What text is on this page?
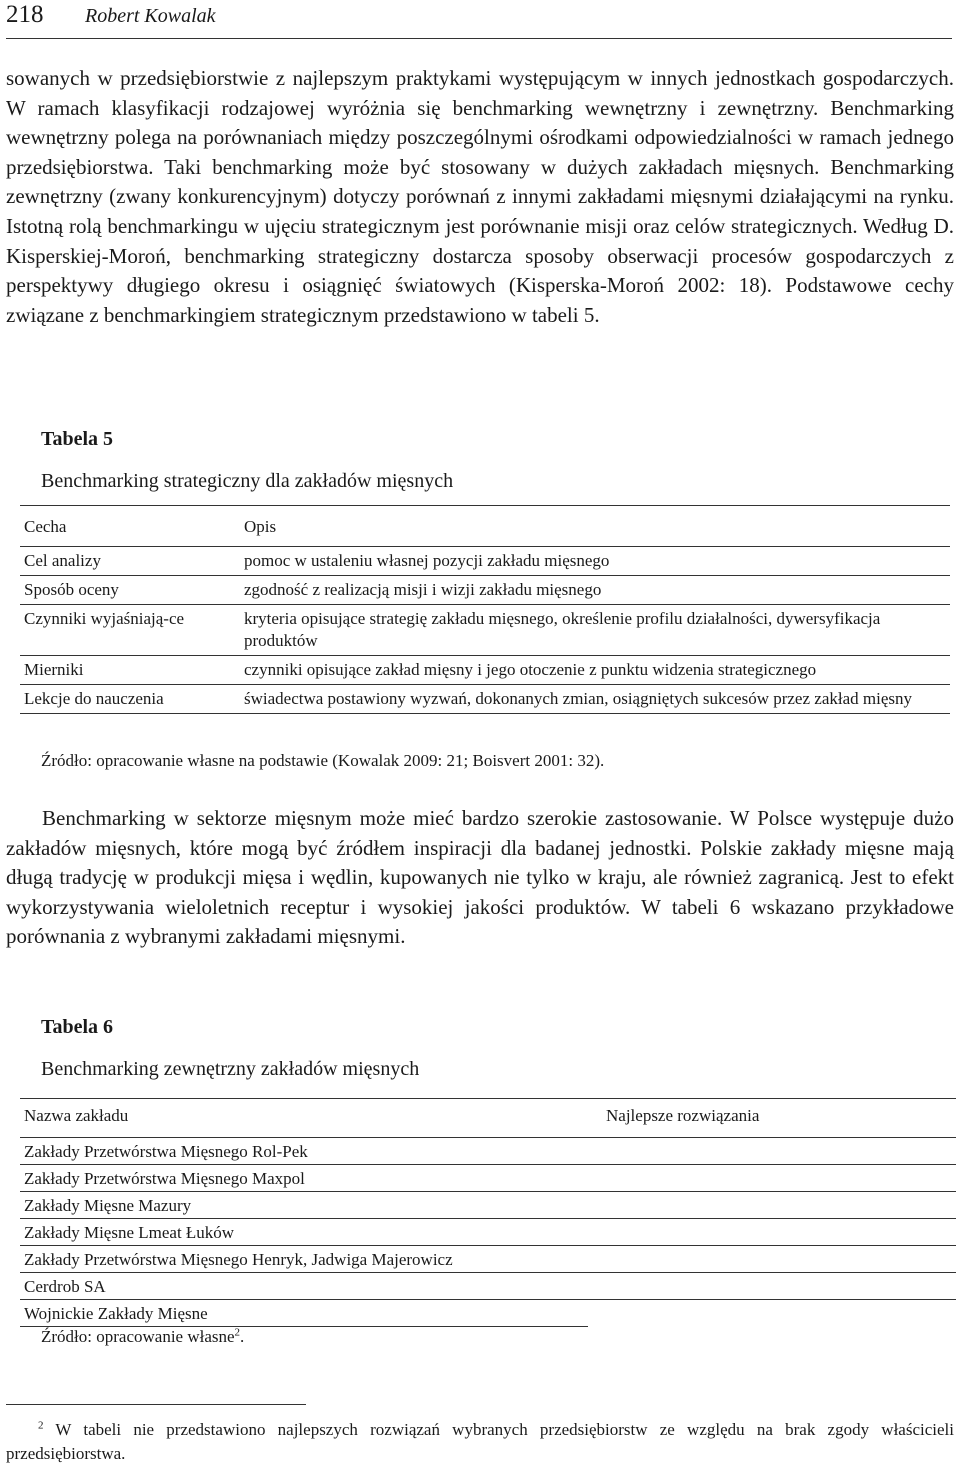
218 Robert Kowalak

sowanych w przedsiębiorstwie z najlepszym praktykami występującym w innych jednostkach gospodarczych. W ramach klasyfikacji rodzajowej wyróżnia się benchmarking wewnętrzny i zewnętrzny. Benchmarking wewnętrzny polega na porównaniach między poszczególnymi ośrodkami odpowiedzialności w ramach jednego przedsiębiorstwa. Taki benchmarking może być stosowany w dużych zakładach mięsnych. Benchmarking zewnętrzny (zwany konkurencyjnym) dotyczy porównań z innymi zakładami mięsnymi działającymi na rynku. Istotną rolą benchmarkingu w ujęciu strategicznym jest porównanie misji oraz celów strategicznych. Według D. Kisperskiej-Moroń, benchmarking strategiczny dostarcza sposoby obserwacji procesów gospodarczych z perspektywy długiego okresu i osiągnięć światowych (Kisperska-Moroń 2002: 18). Podstawowe cechy związane z benchmarkingiem strategicznym przedstawiono w tabeli 5.

Tabela 5
Benchmarking strategiczny dla zakładów mięsnych
Cecha	Opis
Cel analizy	pomoc w ustaleniu własnej pozycji zakładu mięsnego
Sposób oceny	zgodność z realizacją misji i wizji zakładu mięsnego
Czynniki wyjaśniają-ce	kryteria opisujące strategię zakładu mięsnego, określenie profilu działalności, dywersyfikacja produktów
Mierniki	czynniki opisujące zakład mięsny i jego otoczenie z punktu widzenia strategicznego
Lekcje do nauczenia	świadectwa postawiony wyzwań, dokonanych zmian, osiągniętych sukcesów przez zakład mięsny
Źródło: opracowanie własne na podstawie (Kowalak 2009: 21; Boisvert 2001: 32).

Benchmarking w sektorze mięsnym może mieć bardzo szerokie zastosowanie. W Polsce występuje dużo zakładów mięsnych, które mogą być źródłem inspiracji dla badanej jednostki. Polskie zakłady mięsne mają długą tradycję w produkcji mięsa i wędlin, kupowanych nie tylko w kraju, ale również zagranicą. Jest to efekt wykorzystywania wieloletnich receptur i wysokiej jakości produktów. W tabeli 6 wskazano przykładowe porównania z wybranymi zakładami mięsnymi.

Tabela 6
Benchmarking zewnętrzny zakładów mięsnych
Nazwa zakładu	Najlepsze rozwiązania
Zakłady Przetwórstwa Mięsnego Rol-Pek	
Zakłady Przetwórstwa Mięsnego Maxpol	
Zakłady Mięsne Mazury	
Zakłady Mięsne Lmeat Łuków	
Zakłady Przetwórstwa Mięsnego Henryk, Jadwiga Majerowicz	
Cerdrob SA	
Wojnickie Zakłady Mięsne	
Źródło: opracowanie własne$^2$.

$^2$ W tabeli nie przedstawiono najlepszych rozwiązań wybranych przedsiębiorstw ze względu na brak zgody właścicieli przedsiębiorstwa.
